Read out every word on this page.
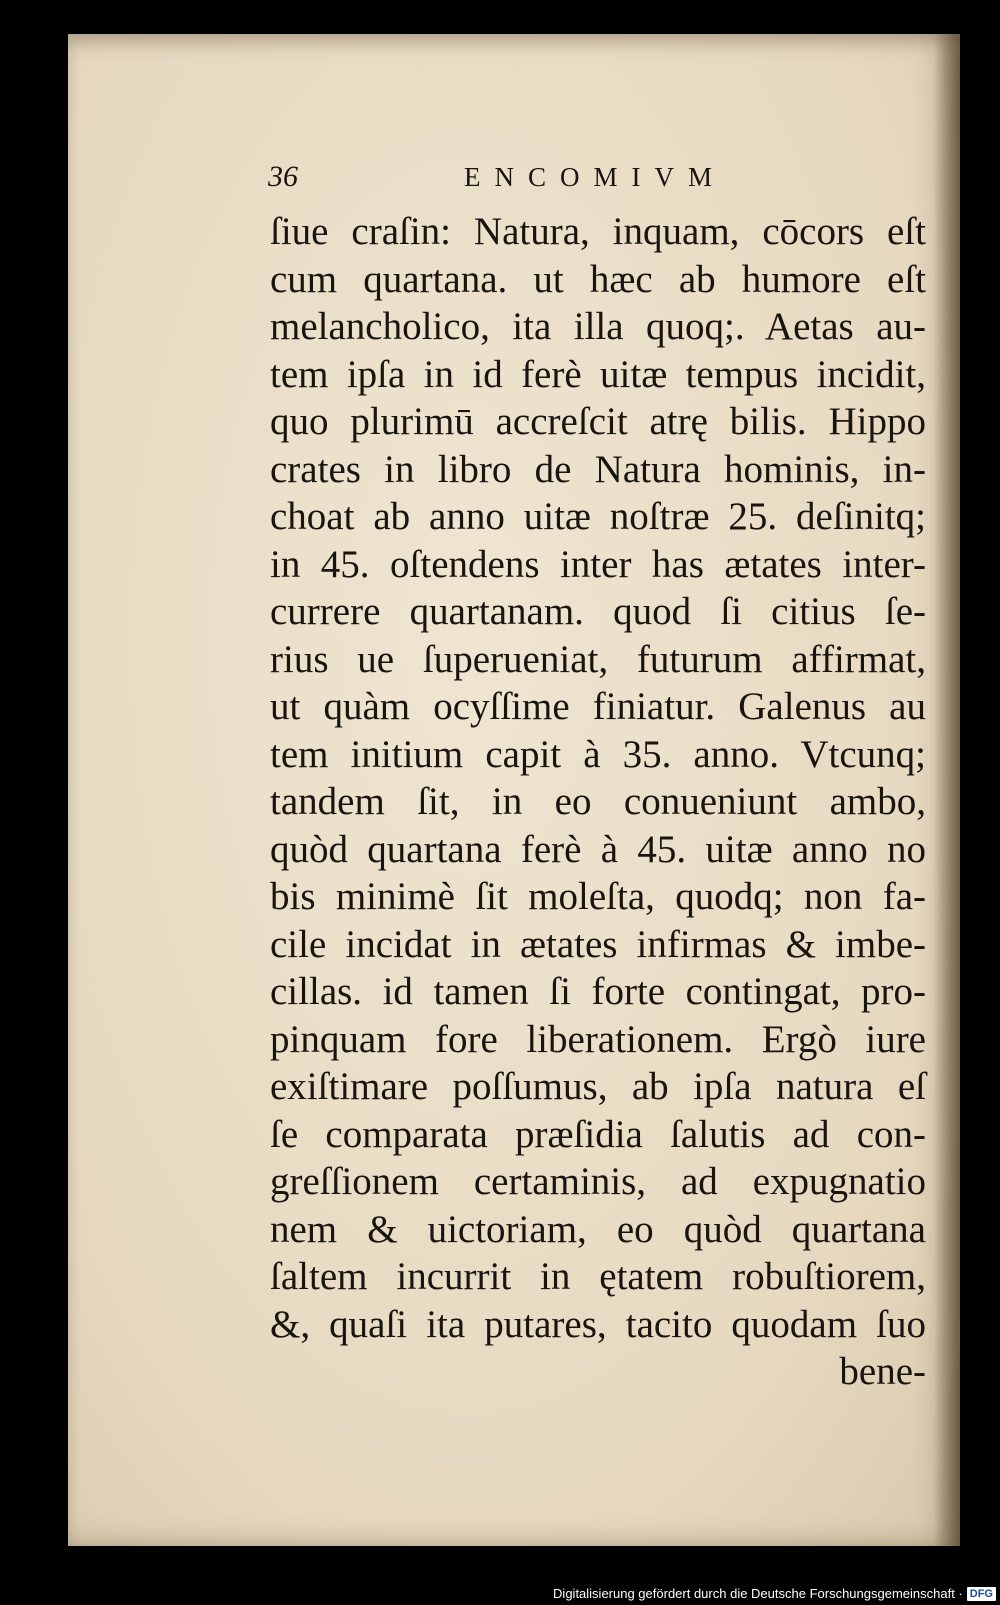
36	ENCOMIVM
ſiue craſin: Natura, inquam, cōcors eſt
cum quartana. ut hæc ab humore eſt
melancholico, ita illa quoq;. Aetas au-
tem ipſa in id ferè uitæ tempus incidit,
quo plurimū accreſcit atrę bilis. Hippo
crates in libro de Natura hominis, in-
choat ab anno uitæ noſtræ 25. deſinitq;
in 45. oſtendens inter has ætates inter-
currere quartanam. quod ſi citius ſe-
rius ue ſuperueniat, futurum affirmat,
ut quàm ocyſſime finiatur. Galenus au
tem initium capit à 35. anno. Vtcunq;
tandem ſit, in eo conueniunt ambo,
quòd quartana ferè à 45. uitæ anno no
bis minimè ſit moleſta, quodq; non fa-
cile incidat in ætates infirmas & imbe-
cillas. id tamen ſi forte contingat, pro-
pinquam fore liberationem. Ergò iure
exiſtimare poſſumus, ab ipſa natura eſ
ſe comparata præſidia ſalutis ad con-
greſſionem certaminis, ad expugnatio
nem & uictoriam, eo quòd quartana
ſaltem incurrit in ętatem robuſtiorem,
&, quaſi ita putares, tacito quodam ſuo
bene-
Digitalisierung gefördert durch die Deutsche Forschungsgemeinschaft · DFG
